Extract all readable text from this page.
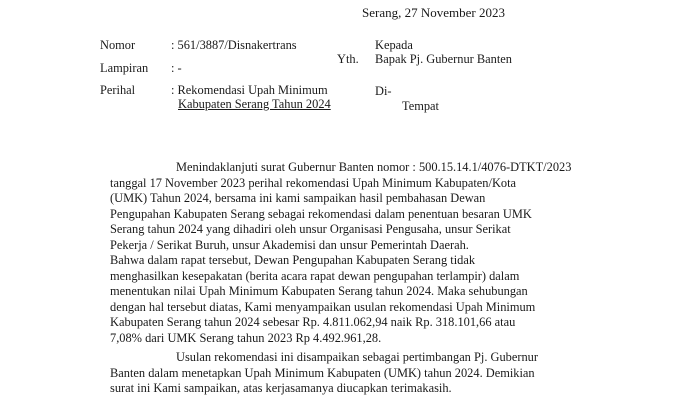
Serang, 27 November 2023
Nomor	: 561/3887/Disnakertrans
Lampiran : -
Perihal	: Rekomendasi Upah Minimum
Kabupaten Serang Tahun 2024
Kepada
Yth. Bapak Pj. Gubernur Banten
Di-
Tempat
Menindaklanjuti surat Gubernur Banten nomor : 500.15.14.1/4076-DTKT/2023
tanggal 17 November 2023 perihal rekomendasi Upah Minimum Kabupaten/Kota
(UMK) Tahun 2024, bersama ini kami sampaikan hasil pembahasan Dewan
Pengupahan Kabupaten Serang sebagai rekomendasi dalam penentuan besaran UMK
Serang tahun 2024 yang dihadiri oleh unsur Organisasi Pengusaha, unsur Serikat
Pekerja / Serikat Buruh, unsur Akademisi dan unsur Pemerintah Daerah.
Bahwa dalam rapat tersebut, Dewan Pengupahan Kabupaten Serang tidak
menghasilkan kesepakatan (berita acara rapat dewan pengupahan terlampir) dalam
menentukan nilai Upah Minimum Kabupaten Serang tahun 2024. Maka sehubungan
dengan hal tersebut diatas, Kami menyampaikan usulan rekomendasi Upah Minimum
Kabupaten Serang tahun 2024 sebesar Rp. 4.811.062,94 naik Rp. 318.101,66 atau
7,08% dari UMK Serang tahun 2023 Rp 4.492.961,28.
Usulan rekomendasi ini disampaikan sebagai pertimbangan Pj. Gubernur
Banten dalam menetapkan Upah Minimum Kabupaten (UMK) tahun 2024. Demikian
surat ini Kami sampaikan, atas kerjasamanya diucapkan terimakasih.
